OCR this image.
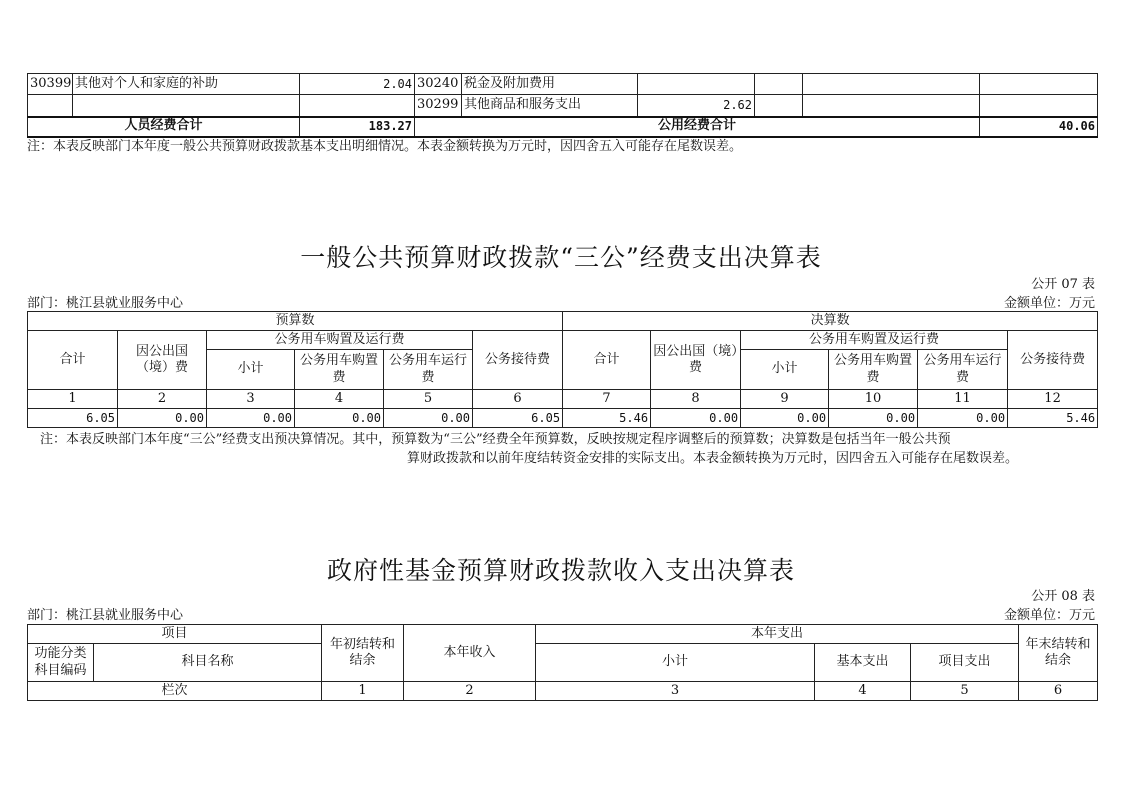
30399	其他对个人和家庭的补助	2.04	30240	税金及附加费用				
			30299	其他商品和服务支出	2.62			
人员经费合计		183.27	公用经费合计					40.06
注：本表反映部门本年度一般公共预算财政拨款基本支出明细情况。本表金额转换为万元时，因四舍五入可能存在尾数误差。
一般公共预算财政拨款“三公”经费支出决算表
公开 07 表
部门：桃江县就业服务中心	金额单位：万元
预算数						决算数					
合计	因公出国（境）费	公务用车购置及运行费			公务接待费	合计	因公出国（境）费	公务用车购置及运行费			公务接待费
		小计	公务用车购置费	公务用车运行费				小计	公务用车购置费	公务用车运行费	
1	2	3	4	5	6	7	8	9	10	11	12
6.05	0.00	0.00	0.00	0.00	6.05	5.46	0.00	0.00	0.00	0.00	5.46
注：本表反映部门本年度“三公”经费支出预决算情况。其中，预算数为“三公”经费全年预算数，反映按规定程序调整后的预算数；决算数是包括当年一般公共预
算财政拨款和以前年度结转资金安排的实际支出。本表金额转换为万元时，因四舍五入可能存在尾数误差。
政府性基金预算财政拨款收入支出决算表
公开 08 表
部门：桃江县就业服务中心	金额单位：万元
项目		年初结转和结余	本年收入	本年支出			年末结转和结余
功能分类科目编码	科目名称			小计	基本支出	项目支出	
栏次		1	2	3	4	5	6
